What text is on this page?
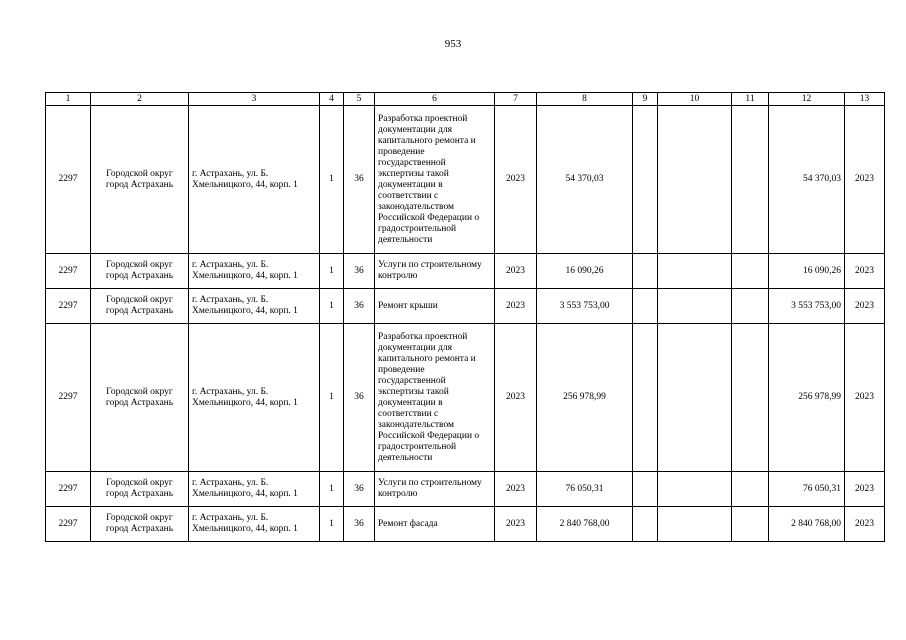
953
1	2	3	4	5	6	7	8	9	10	11	12	13
2297	Городской округ город Астрахань	г. Астрахань, ул. Б. Хмельницкого, 44, корп. 1	1	36	Разработка проектной документации для капитального ремонта и проведение государственной экспертизы такой документации в соответствии с законодательством Российской Федерации о градостроительной деятельности	2023	54 370,03				54 370,03	2023
2297	Городской округ город Астрахань	г. Астрахань, ул. Б. Хмельницкого, 44, корп. 1	1	36	Услуги по строительному контролю	2023	16 090,26				16 090,26	2023
2297	Городской округ город Астрахань	г. Астрахань, ул. Б. Хмельницкого, 44, корп. 1	1	36	Ремонт крыши	2023	3 553 753,00				3 553 753,00	2023
2297	Городской округ город Астрахань	г. Астрахань, ул. Б. Хмельницкого, 44, корп. 1	1	36	Разработка проектной документации для капитального ремонта и проведение государственной экспертизы такой документации в соответствии с законодательством Российской Федерации о градостроительной деятельности	2023	256 978,99				256 978,99	2023
2297	Городской округ город Астрахань	г. Астрахань, ул. Б. Хмельницкого, 44, корп. 1	1	36	Услуги по строительному контролю	2023	76 050,31				76 050,31	2023
2297	Городской округ город Астрахань	г. Астрахань, ул. Б. Хмельницкого, 44, корп. 1	1	36	Ремонт фасада	2023	2 840 768,00				2 840 768,00	2023
